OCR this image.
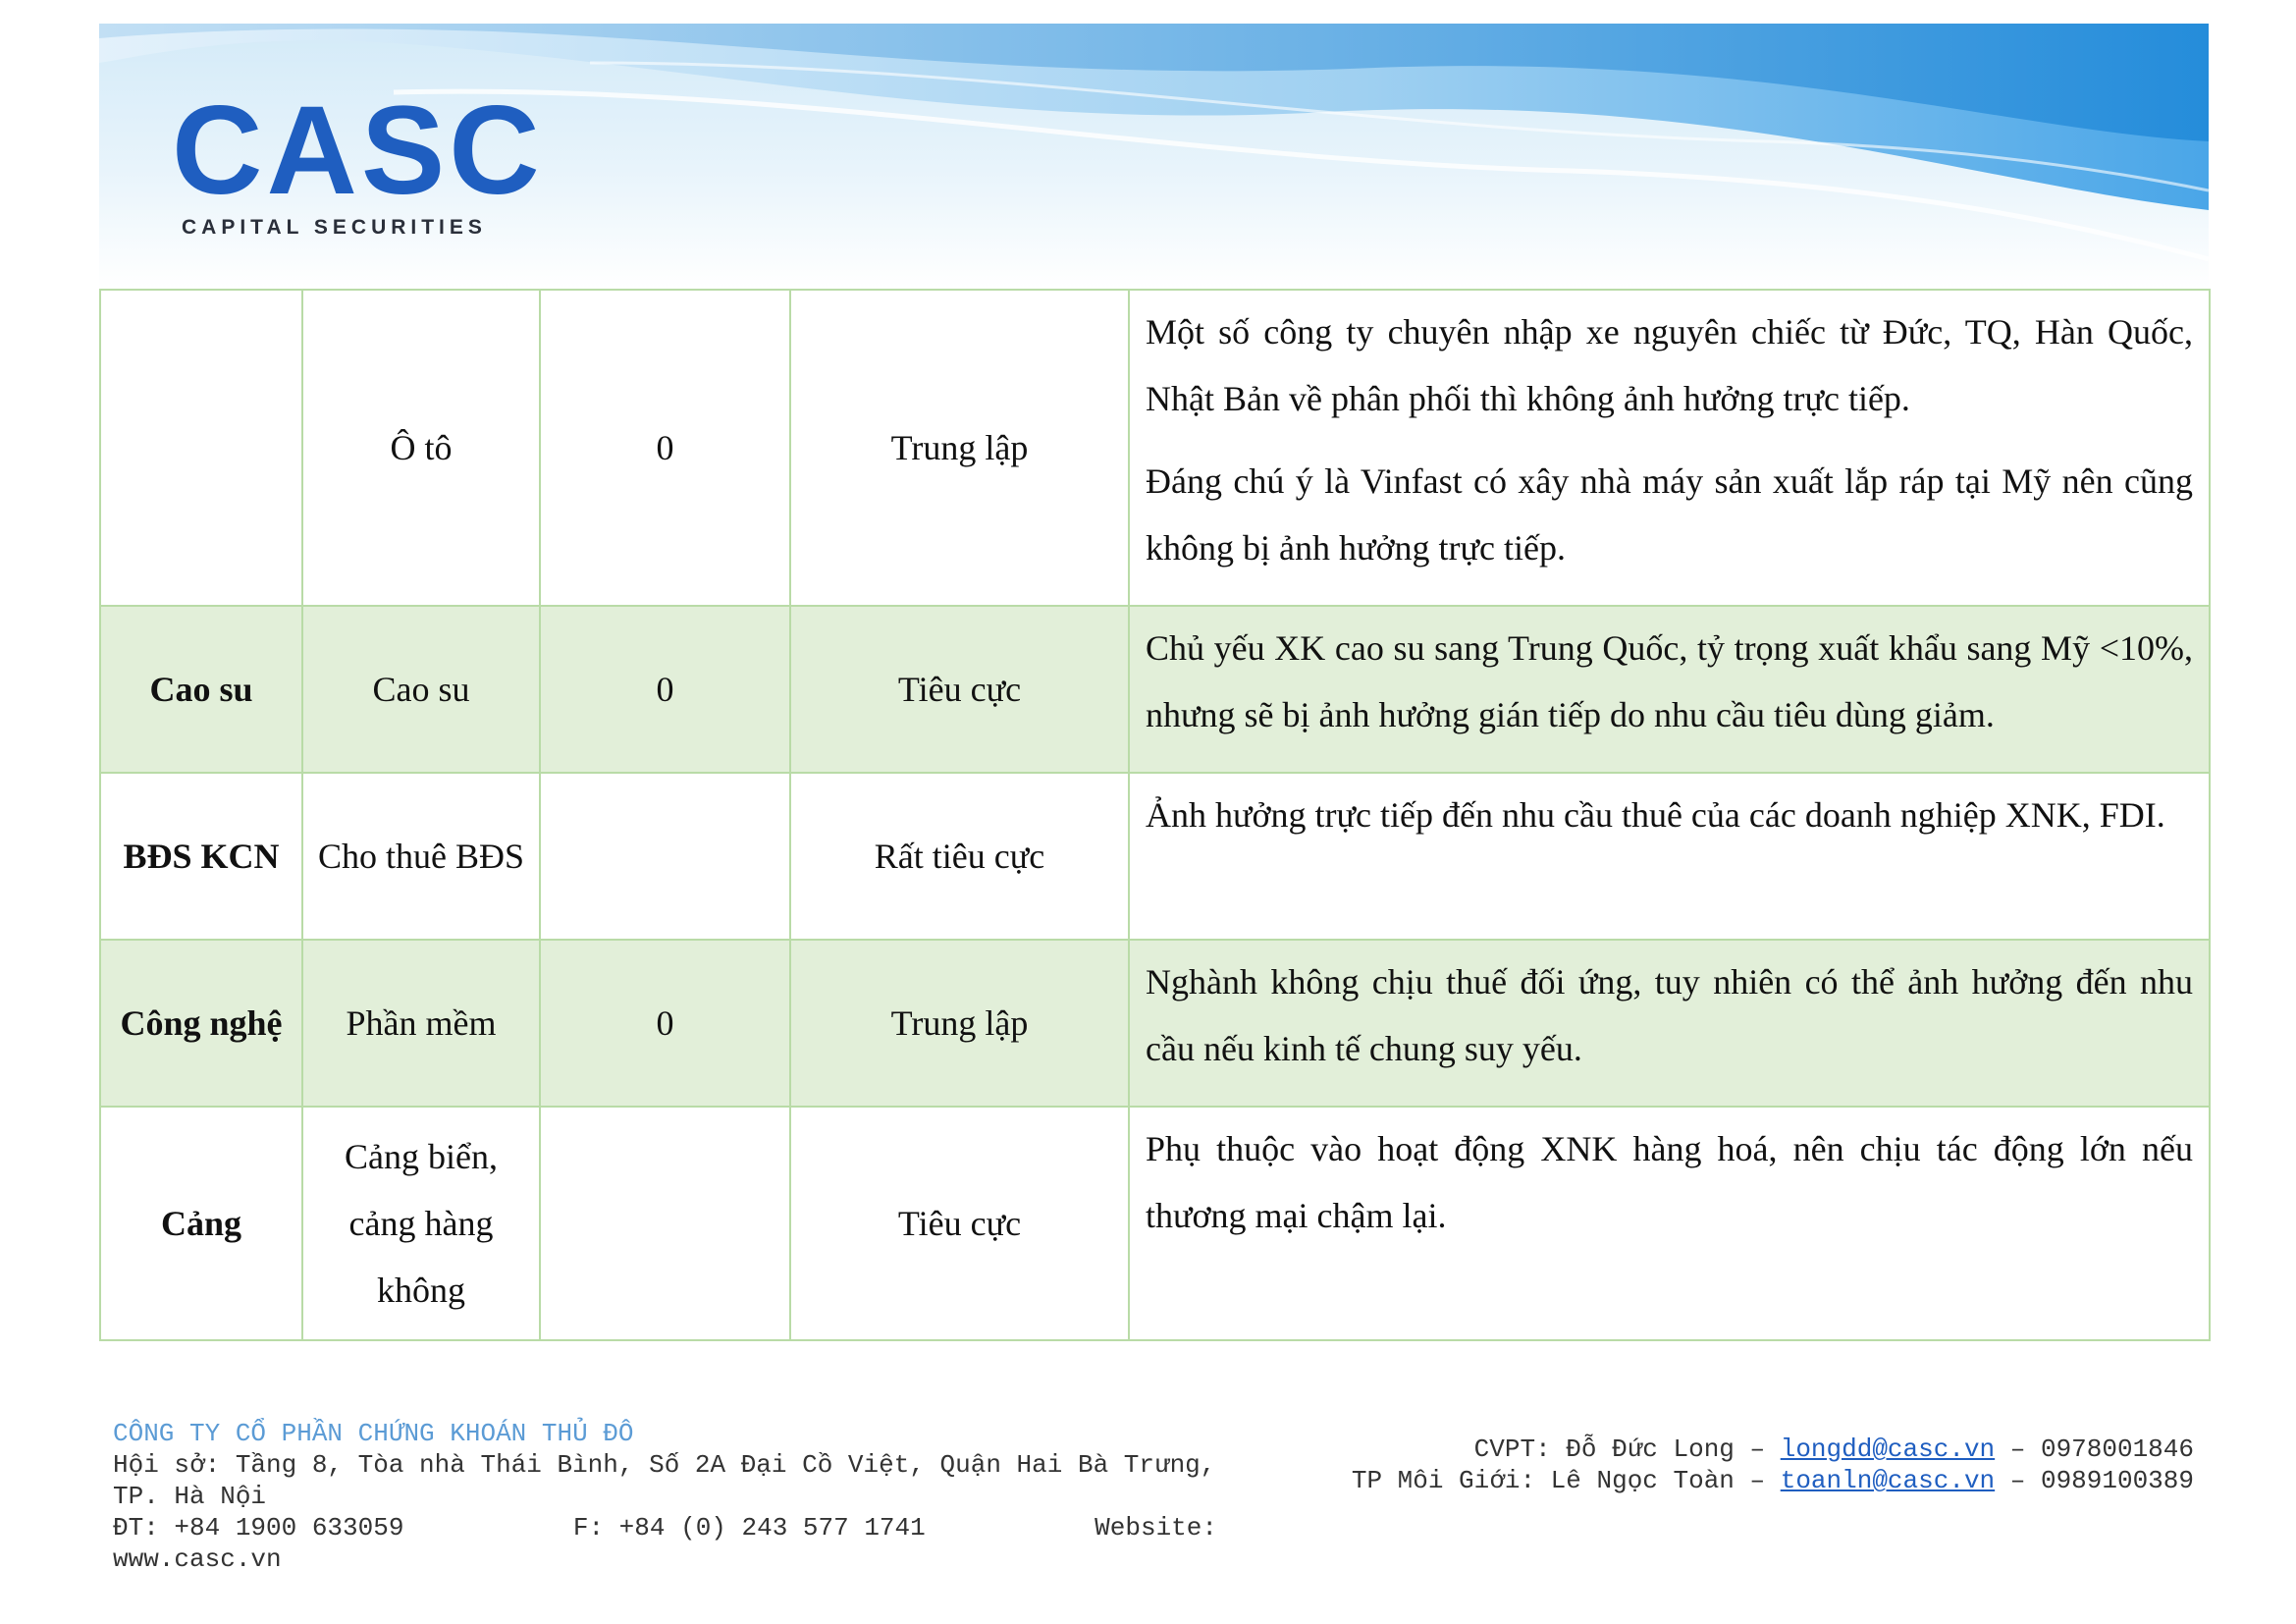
CASC
CAPITAL SECURITIES
	Ô tô	0	Trung lập	Một số công ty chuyên nhập xe nguyên chiếc từ Đức, TQ, Hàn Quốc, Nhật Bản về phân phối thì không ảnh hưởng trực tiếp.

Đáng chú ý là Vinfast có xây nhà máy sản xuất lắp ráp tại Mỹ nên cũng không bị ảnh hưởng trực tiếp.

Cao su	Cao su	0	Tiêu cực	Chủ yếu XK cao su sang Trung Quốc, tỷ trọng xuất khẩu sang Mỹ <10%, nhưng sẽ bị ảnh hưởng gián tiếp do nhu cầu tiêu dùng giảm.

BĐS KCN	Cho thuê BĐS		Rất tiêu cực	Ảnh hưởng trực tiếp đến nhu cầu thuê của các doanh nghiệp XNK, FDI.

Công nghệ	Phần mềm	0	Trung lập	Nghành không chịu thuế đối ứng, tuy nhiên có thể ảnh hưởng đến nhu cầu nếu kinh tế chung suy yếu.

Cảng	Cảng biển, cảng hàng không		Tiêu cực	Phụ thuộc vào hoạt động XNK hàng hoá, nên chịu tác động lớn nếu thương mại chậm lại.

CÔNG TY CỔ PHẦN CHỨNG KHOÁN THỦ ĐÔ
Hội sở: Tầng 8, Tòa nhà Thái Bình, Số 2A Đại Cồ Việt, Quận Hai Bà Trưng, TP. Hà Nội
ĐT: +84 1900 633059	F: +84 (0) 243 577 1741	Website:
www.casc.vn
CVPT: Đỗ Đức Long – longdd@casc.vn – 0978001846
TP Môi Giới: Lê Ngọc Toàn – toanln@casc.vn – 0989100389
